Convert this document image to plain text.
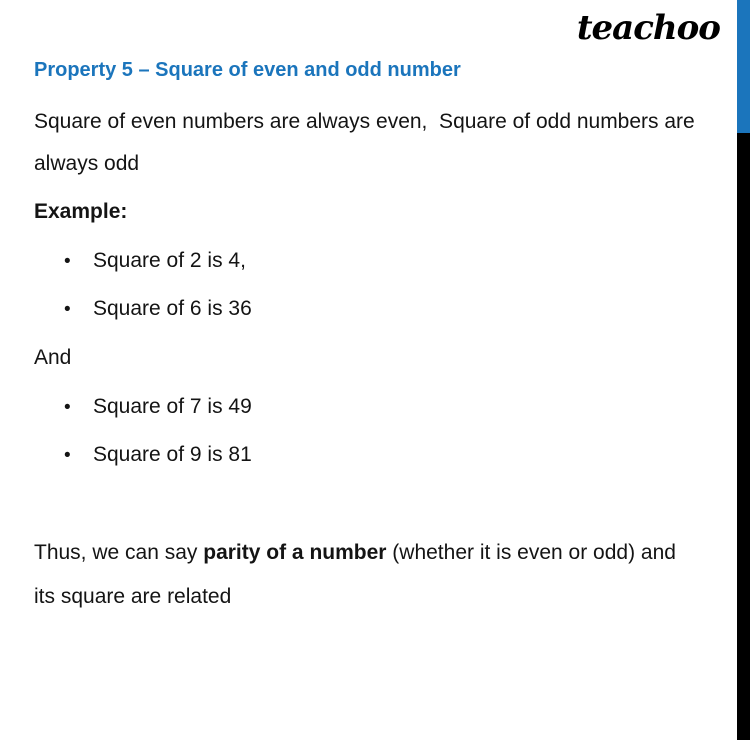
teachoo
Property 5 – Square of even and odd number
Square of even numbers are always even,  Square of odd numbers are
always odd
Example:
•	Square of 2 is 4,
•	Square of 6 is 36
And
•	Square of 7 is 49
•	Square of 9 is 81
Thus, we can say parity of a number (whether it is even or odd) and
its square are related
